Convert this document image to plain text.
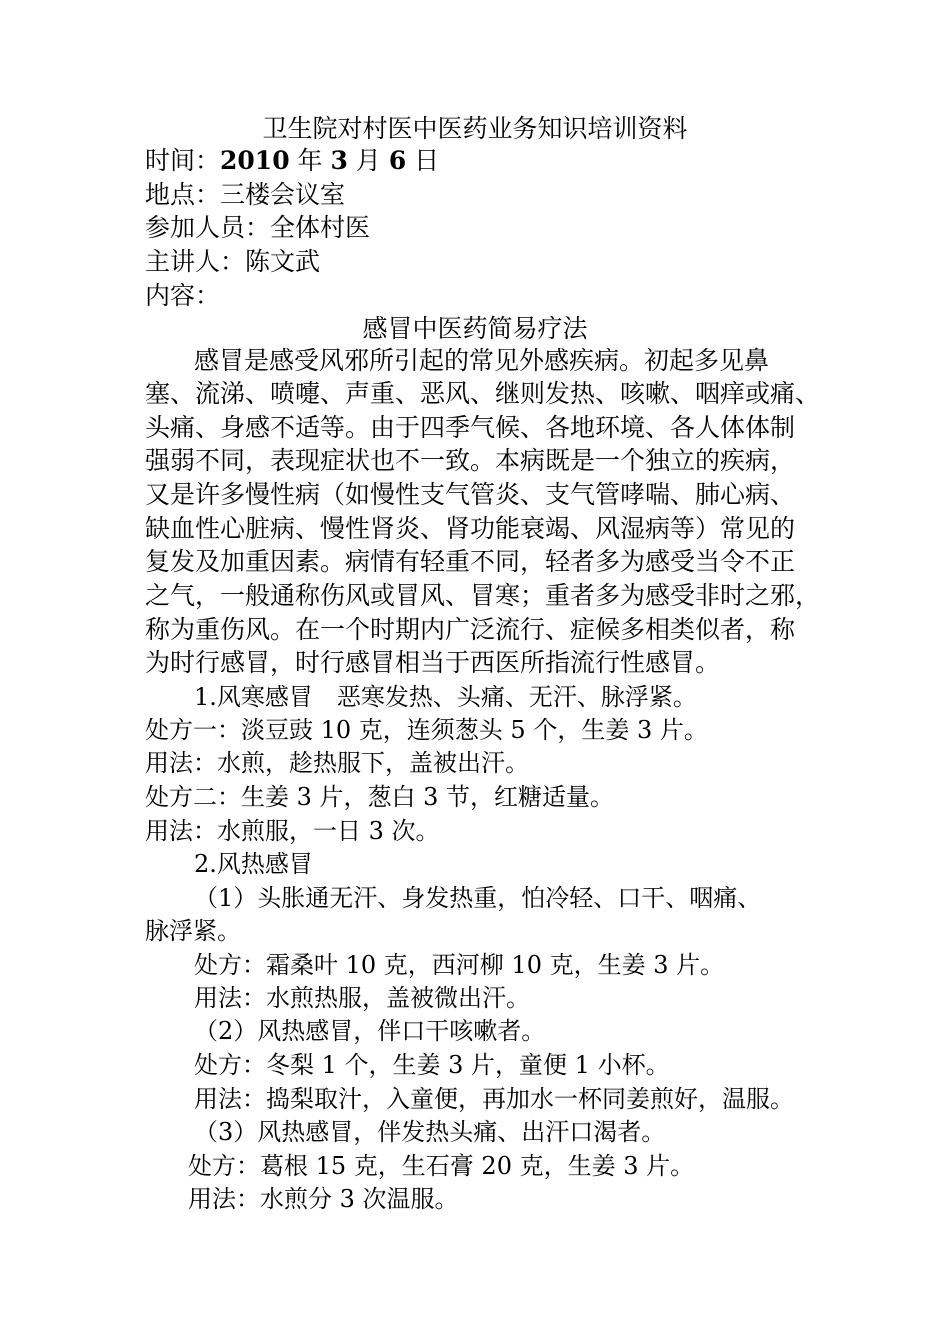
卫生院对村医中医药业务知识培训资料
时间：2010 年 3 月 6 日
地点：三楼会议室
参加人员：全体村医
主讲人：陈文武
内容：
感冒中医药简易疗法
感冒是感受风邪所引起的常见外感疾病。初起多见鼻
塞、流涕、喷嚏、声重、恶风、继则发热、咳嗽、咽痒或痛、
头痛、身感不适等。由于四季气候、各地环境、各人体体制
强弱不同，表现症状也不一致。本病既是一个独立的疾病，
又是许多慢性病（如慢性支气管炎、支气管哮喘、肺心病、
缺血性心脏病、慢性肾炎、肾功能衰竭、风湿病等）常见的
复发及加重因素。病情有轻重不同，轻者多为感受当令不正
之气，一般通称伤风或冒风、冒寒；重者多为感受非时之邪，
称为重伤风。在一个时期内广泛流行、症候多相类似者，称
为时行感冒，时行感冒相当于西医所指流行性感冒。
1.风寒感冒　恶寒发热、头痛、无汗、脉浮紧。
处方一：淡豆豉 10 克，连须葱头 5 个，生姜 3 片。
用法：水煎，趁热服下，盖被出汗。
处方二：生姜 3 片，葱白 3 节，红糖适量。
用法：水煎服，一日 3 次。
2.风热感冒
（1）头胀通无汗、身发热重，怕冷轻、口干、咽痛、
脉浮紧。
处方：霜桑叶 10 克，西河柳 10 克，生姜 3 片。
用法：水煎热服，盖被微出汗。
（2）风热感冒，伴口干咳嗽者。
处方：冬梨 1 个，生姜 3 片，童便 1 小杯。
用法：捣梨取汁，入童便，再加水一杯同姜煎好，温服。
（3）风热感冒，伴发热头痛、出汗口渴者。
处方：葛根 15 克，生石膏 20 克，生姜 3 片。
用法：水煎分 3 次温服。
